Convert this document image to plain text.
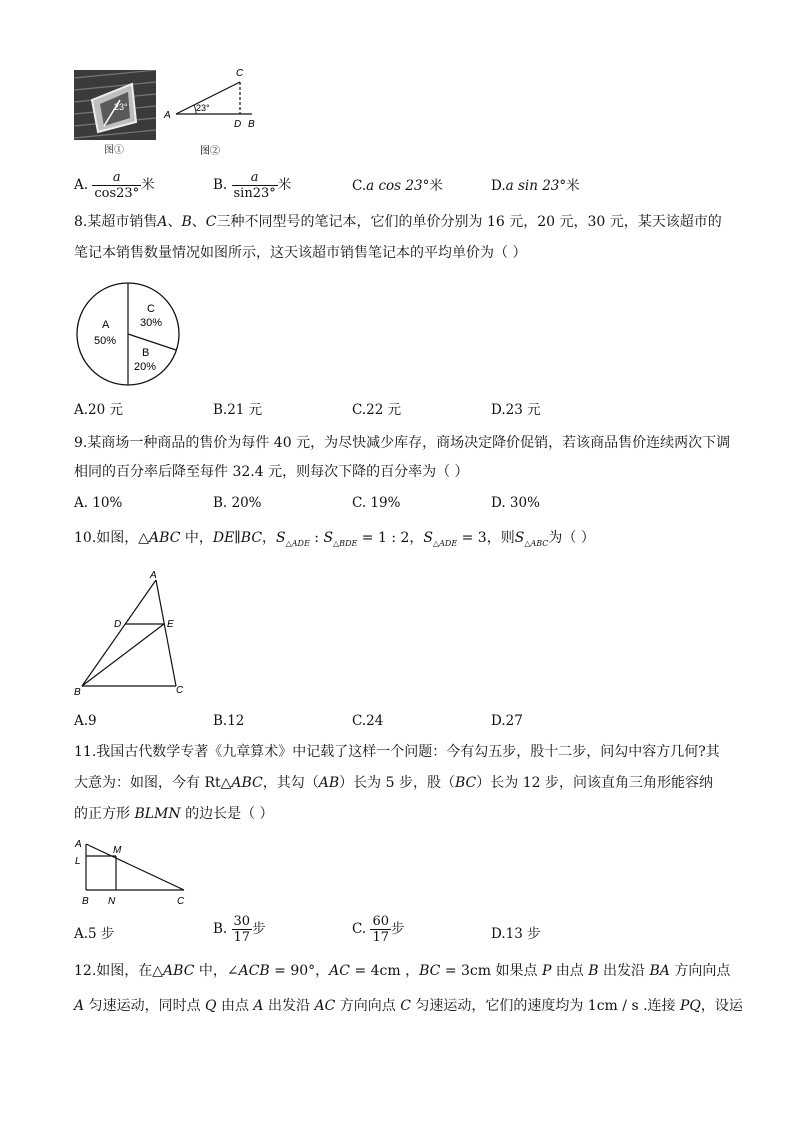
23°
图①
C
A
23°
D B
图②
A. $\frac{a}{\cos 23^\circ}$ 米	B. $\frac{a}{\sin 23^\circ}$ 米	C.a cos 23°米	D.a sin 23°米
8.某超市销售A、B、C三种不同型号的笔记本，它们的单价分别为 16 元，20 元，30 元，某天该超市的
笔记本销售数量情况如图所示，这天该超市销售笔记本的平均单价为（ ）
A
50%
C
30%
B
20%
A.20 元	B.21 元	C.22 元	D.23 元
9.某商场一种商品的售价为每件 40 元，为尽快减少库存，商场决定降价促销，若该商品售价连续两次下调
相同的百分率后降至每件 32.4 元，则每次下降的百分率为（ ）
A. 10%	B. 20%	C. 19%	D. 30%
10.如图，△ABC 中，DE∥BC，$S_{\triangle ADE}$ : $S_{\triangle BDE} = 1$ : 2，$S_{\triangle ADE} = 3$，则$S_{\triangle ABC}$为（ ）
A
D	E
B	C
A.9	B.12	C.24	D.27
11.我国古代数学专著《九章算术》中记载了这样一个问题：今有勾五步，股十二步，问勾中容方几何?其
大意为：如图，今有 Rt△ABC，其勾（AB）长为 5 步，股（BC）长为 12 步，问该直角三角形能容纳
的正方形 BLMN 的边长是（ ）
A
L
M
B N	C
A.5 步	B. $\frac{30}{17}$ 步	C. $\frac{60}{17}$ 步	D.13 步
12.如图，在△ABC 中，∠ACB = 90°，AC = 4cm ，BC = 3cm 如果点 P 由点 B 出发沿 BA 方向向点
A 匀速运动，同时点 Q 由点 A 出发沿 AC 方向向点 C 匀速运动，它们的速度均为 1cm / s .连接 PQ，设运
